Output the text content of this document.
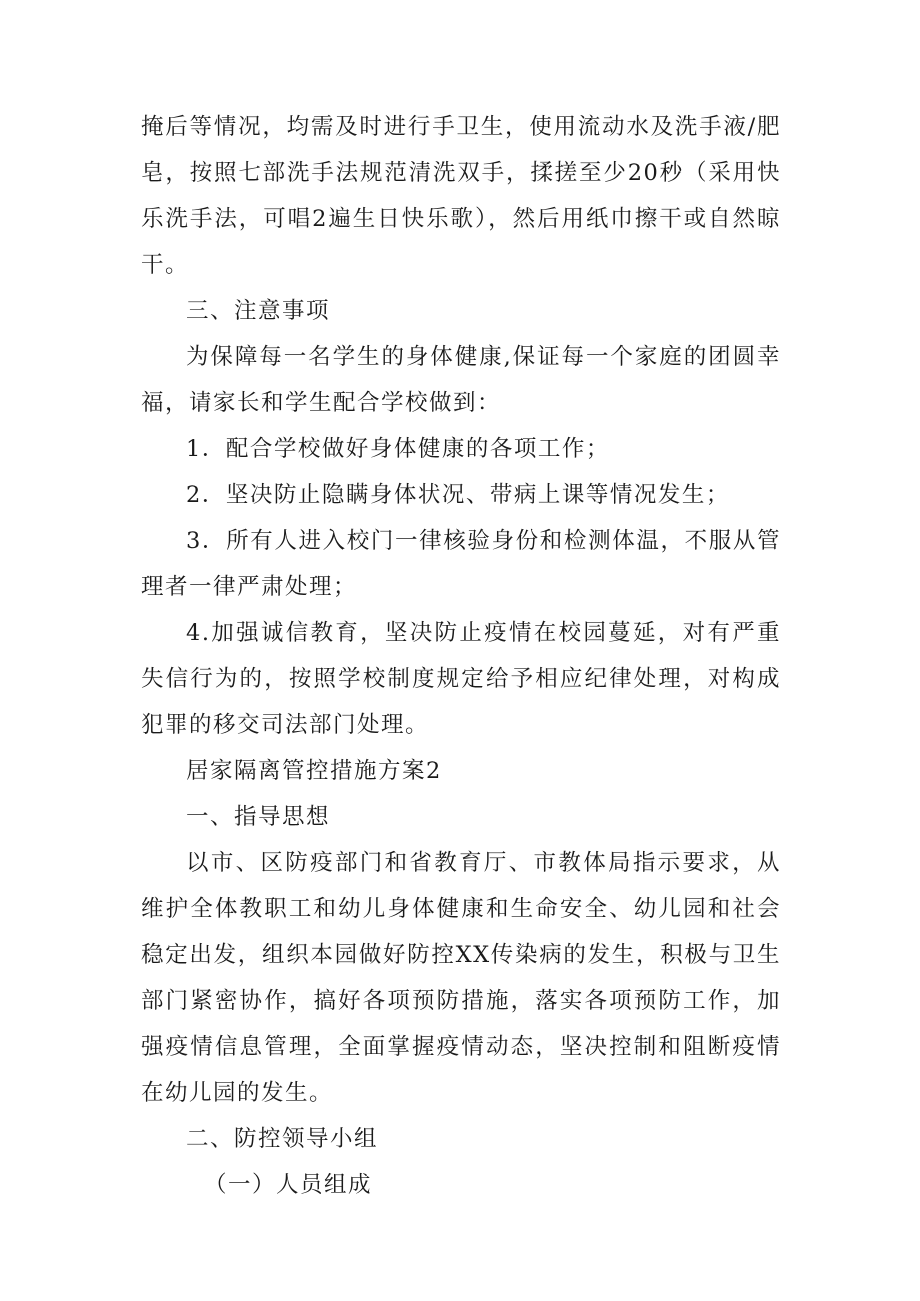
掩后等情况，均需及时进行手卫生，使用流动水及洗手液/肥皂，按照七部洗手法规范清洗双手，揉搓至少20秒（采用快乐洗手法，可唱2遍生日快乐歌），然后用纸巾擦干或自然晾干。

三、注意事项

为保障每一名学生的身体健康,保证每一个家庭的团圆幸福，请家长和学生配合学校做到：

1．配合学校做好身体健康的各项工作；

2．坚决防止隐瞒身体状况、带病上课等情况发生；

3．所有人进入校门一律核验身份和检测体温，不服从管理者一律严肃处理；

4.加强诚信教育，坚决防止疫情在校园蔓延，对有严重失信行为的，按照学校制度规定给予相应纪律处理，对构成犯罪的移交司法部门处理。

居家隔离管控措施方案2

一、指导思想

以市、区防疫部门和省教育厅、市教体局指示要求，从维护全体教职工和幼儿身体健康和生命安全、幼儿园和社会稳定出发，组织本园做好防控XX传染病的发生，积极与卫生部门紧密协作，搞好各项预防措施，落实各项预防工作，加强疫情信息管理，全面掌握疫情动态，坚决控制和阻断疫情在幼儿园的发生。

二、防控领导小组

（一）人员组成
